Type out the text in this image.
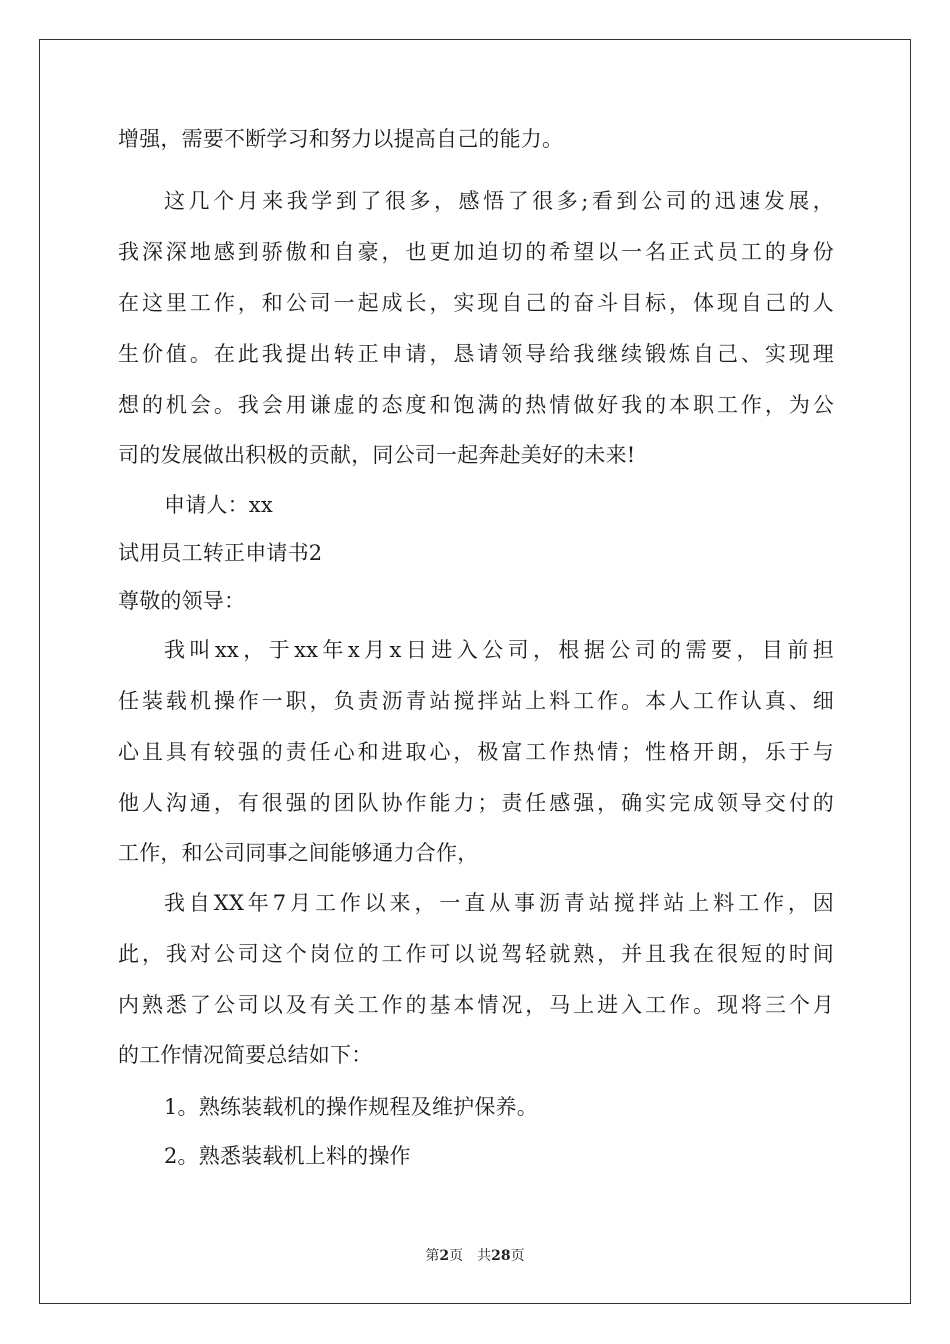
增强，需要不断学习和努力以提高自己的能力。
这几个月来我学到了很多，感悟了很多;看到公司的迅速发展，
我深深地感到骄傲和自豪，也更加迫切的希望以一名正式员工的身份
在这里工作，和公司一起成长，实现自己的奋斗目标，体现自己的人
生价值。在此我提出转正申请，恳请领导给我继续锻炼自己、实现理
想的机会。我会用谦虚的态度和饱满的热情做好我的本职工作，为公
司的发展做出积极的贡献，同公司一起奔赴美好的未来!
申请人：xx
试用员工转正申请书2
尊敬的领导：
我叫xx，于xx年x月x日进入公司，根据公司的需要，目前担
任装载机操作一职，负责沥青站搅拌站上料工作。本人工作认真、细
心且具有较强的责任心和进取心，极富工作热情；性格开朗，乐于与
他人沟通，有很强的团队协作能力；责任感强，确实完成领导交付的
工作，和公司同事之间能够通力合作，
我自XX年7月工作以来，一直从事沥青站搅拌站上料工作，因
此，我对公司这个岗位的工作可以说驾轻就熟，并且我在很短的时间
内熟悉了公司以及有关工作的基本情况，马上进入工作。现将三个月
的工作情况简要总结如下：
1。熟练装载机的操作规程及维护保养。
2。熟悉装载机上料的操作
第2页 共28页
